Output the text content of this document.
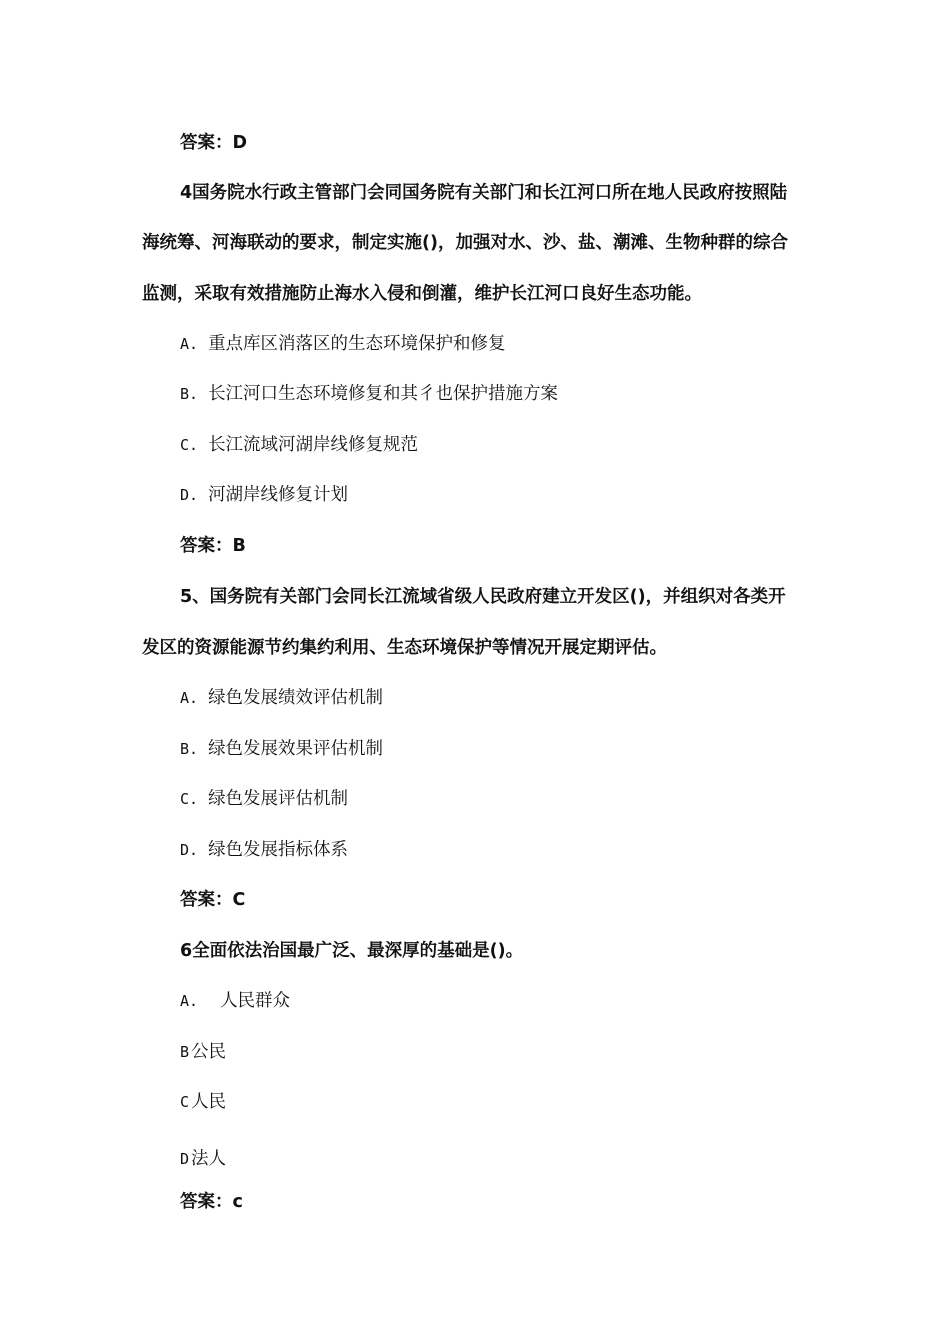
答案：D
4国务院水行政主管部门会同国务院有关部门和长江河口所在地人民政府按照陆
海统筹、河海联动的要求，制定实施()，加强对水、沙、盐、潮滩、生物种群的综合
监测，采取有效措施防止海水入侵和倒灌，维护长江河口良好生态功能。
A. 重点库区消落区的生态环境保护和修复
B. 长江河口生态环境修复和其彳也保护措施方案
C. 长江流域河湖岸线修复规范
D. 河湖岸线修复计划
答案：B
5、国务院有关部门会同长江流域省级人民政府建立开发区()，并组织对各类开
发区的资源能源节约集约利用、生态环境保护等情况开展定期评估。
A. 绿色发展绩效评估机制
B. 绿色发展效果评估机制
C. 绿色发展评估机制
D. 绿色发展指标体系
答案：C
6全面依法治国最广泛、最深厚的基础是()。
A. 人民群众
B 公民
C 人民
D 法人
答案：c
